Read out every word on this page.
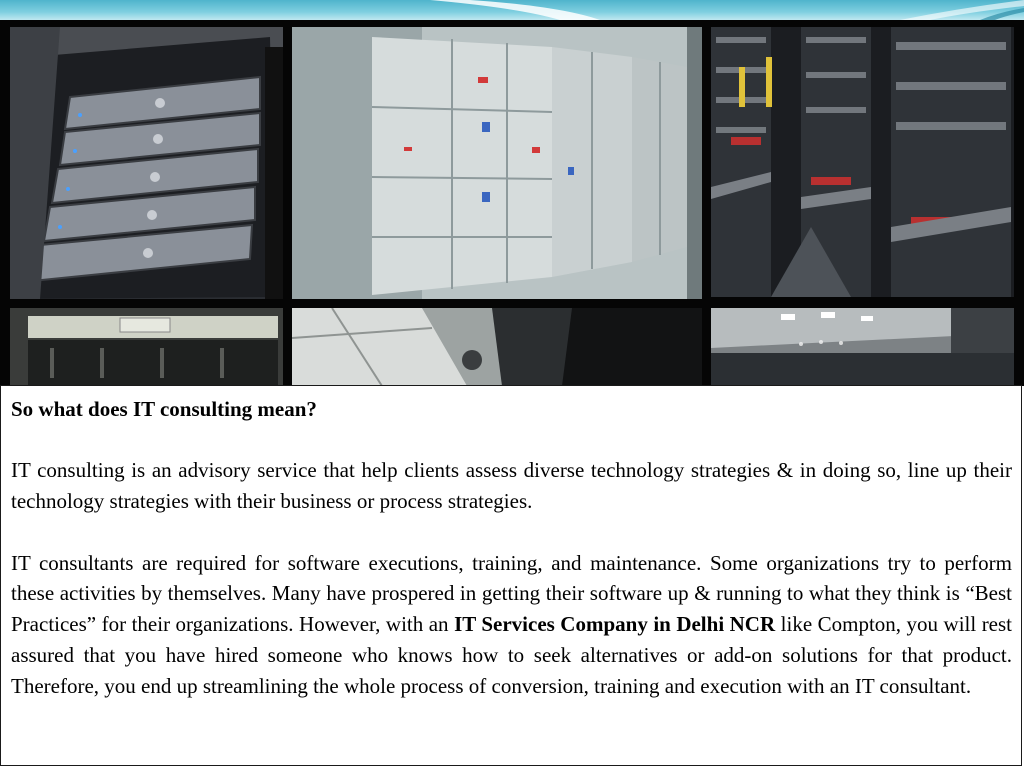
So what does IT consulting mean?

IT consulting is an advisory service that help clients assess diverse technology strategies & in doing so, line up their technology strategies with their business or process strategies.

IT consultants are required for software executions, training, and maintenance. Some organizations try to perform these activities by themselves. Many have prospered in getting their software up & running to what they think is “Best Practices” for their organizations. However, with an IT Services Company in Delhi NCR like Compton, you will rest assured that you have hired someone who knows how to seek alternatives or add-on solutions for that product. Therefore, you end up streamlining the whole process of conversion, training and execution with an IT consultant.
